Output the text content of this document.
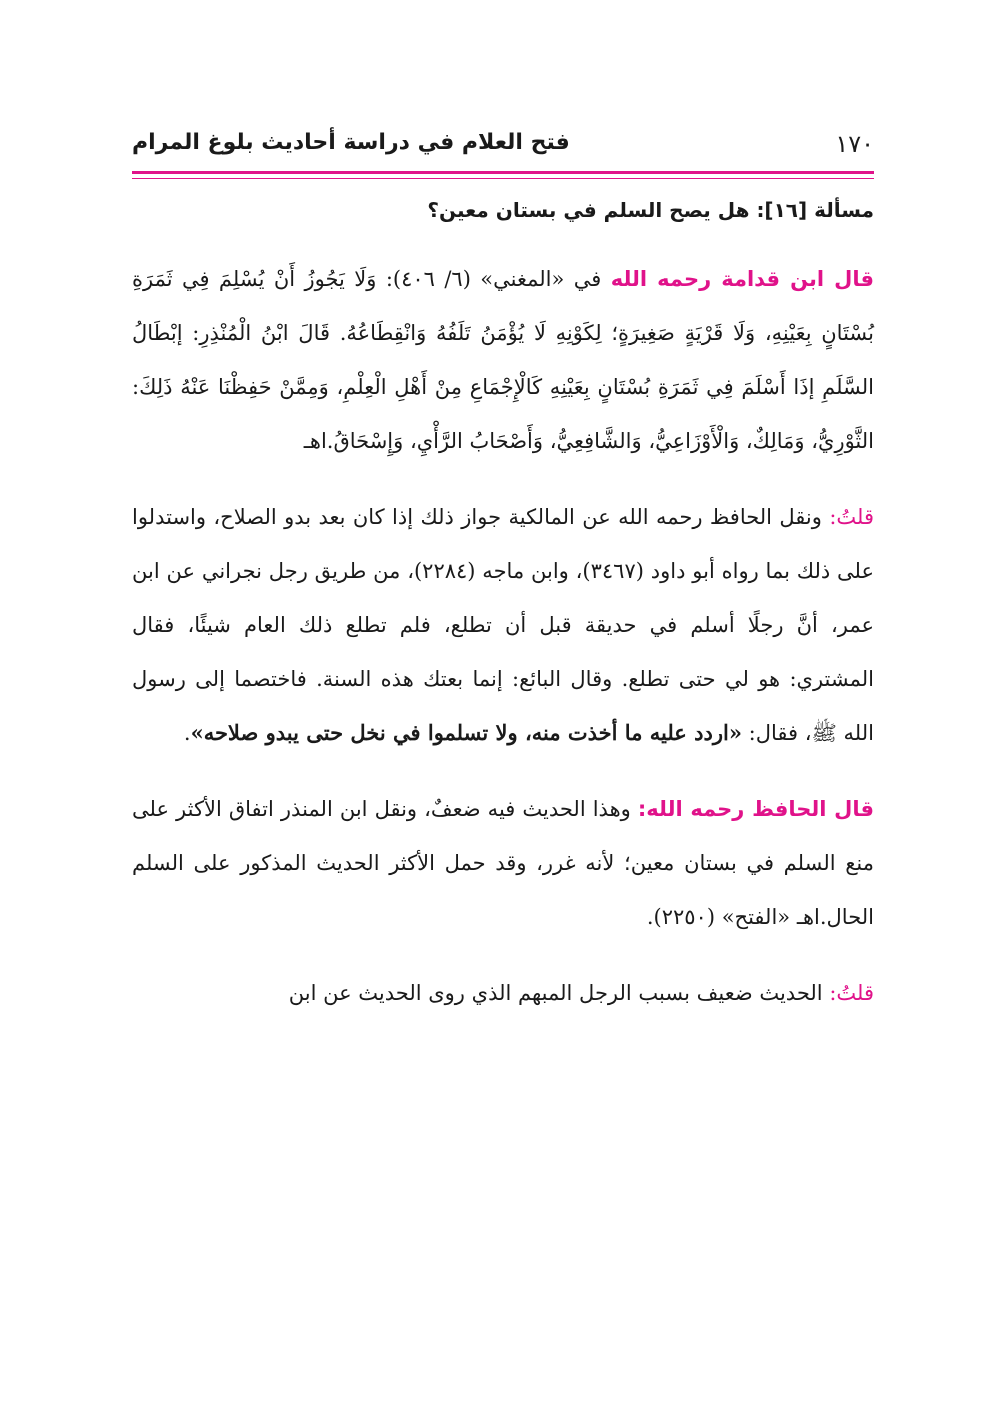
١٧٠
فتح العلام في دراسة أحاديث بلوغ المرام
مسألة [١٦]: هل يصح السلم في بستان معين؟

قال ابن قدامة رحمه الله في «المغني» (٦/ ٤٠٦): وَلَا يَجُوزُ أَنْ يُسْلِمَ فِي ثَمَرَةِ بُسْتَانٍ بِعَيْنِهِ، وَلَا قَرْيَةٍ صَغِيرَةٍ؛ لِكَوْنِهِ لَا يُؤْمَنُ تَلَفُهُ وَانْقِطَاعُهُ. قَالَ ابْنُ الْمُنْذِرِ: إبْطَالُ السَّلَمِ إذَا أَسْلَمَ فِي ثَمَرَةِ بُسْتَانٍ بِعَيْنِهِ كَالْإِجْمَاعِ مِنْ أَهْلِ الْعِلْمِ، وَمِمَّنْ حَفِظْنَا عَنْهُ ذَلِكَ: الثَّوْرِيُّ، وَمَالِكٌ، وَالْأَوْزَاعِيُّ، وَالشَّافِعِيُّ، وَأَصْحَابُ الرَّأْيِ، وَإِسْحَاقُ.اهـ

قلتُ: ونقل الحافظ رحمه الله عن المالكية جواز ذلك إذا كان بعد بدو الصلاح، واستدلوا على ذلك بما رواه أبو داود (٣٤٦٧)، وابن ماجه (٢٢٨٤)، من طريق رجل نجراني عن ابن عمر، أنَّ رجلًا أسلم في حديقة قبل أن تطلع، فلم تطلع ذلك العام شيئًا، فقال المشتري: هو لي حتى تطلع. وقال البائع: إنما بعتك هذه السنة. فاختصما إلى رسول الله ﷺ، فقال: «اردد عليه ما أخذت منه، ولا تسلموا في نخل حتى يبدو صلاحه».

قال الحافظ رحمه الله: وهذا الحديث فيه ضعفٌ، ونقل ابن المنذر اتفاق الأكثر على منع السلم في بستان معين؛ لأنه غرر، وقد حمل الأكثر الحديث المذكور على السلم الحال.اهـ «الفتح» (٢٢٥٠).

قلتُ: الحديث ضعيف بسبب الرجل المبهم الذي روى الحديث عن ابن
